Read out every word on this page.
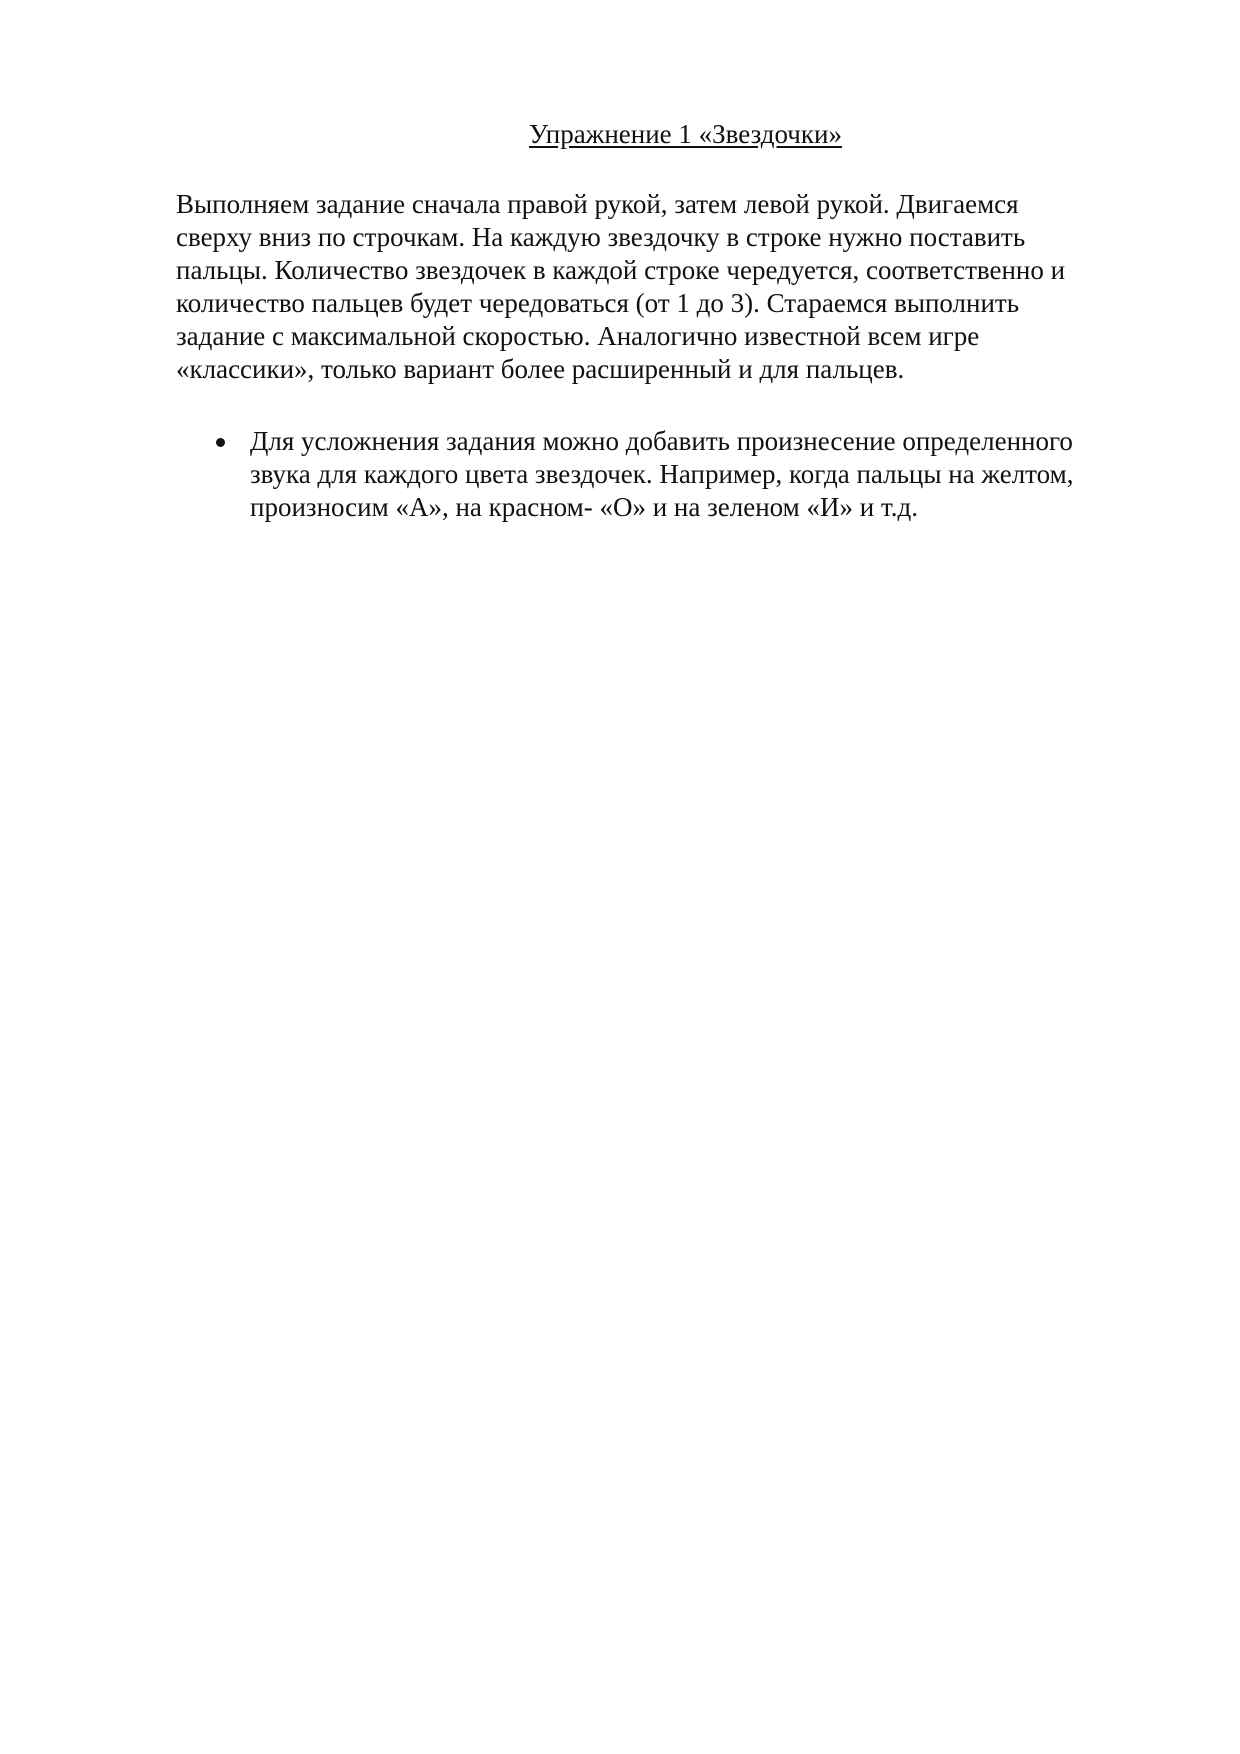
Упражнение 1 «Звездочки»

Выполняем задание сначала правой рукой, затем левой рукой. Двигаемся
сверху вниз по строчкам. На каждую звездочку в строке нужно поставить
пальцы. Количество звездочек в каждой строке чередуется, соответственно и
количество пальцев будет чередоваться (от 1 до 3). Стараемся выполнить
задание с максимальной скоростью. Аналогично известной всем игре
«классики», только вариант более расширенный и для пальцев.

Для усложнения задания можно добавить произнесение определенного
звука для каждого цвета звездочек. Например, когда пальцы на желтом,
произносим «А», на красном- «О» и на зеленом «И» и т.д.
